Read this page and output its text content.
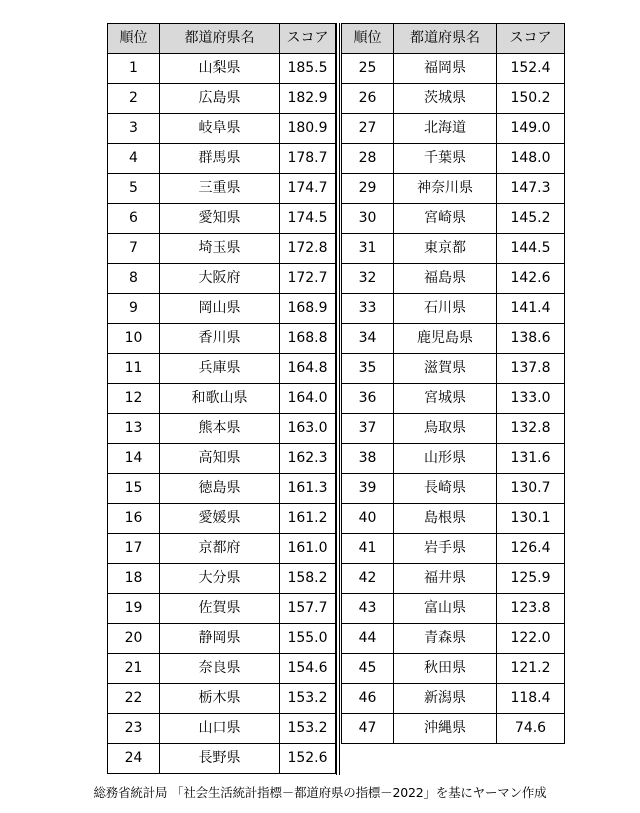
順位	都道府県名	スコア
1	山梨県	185.5
2	広島県	182.9
3	岐阜県	180.9
4	群馬県	178.7
5	三重県	174.7
6	愛知県	174.5
7	埼玉県	172.8
8	大阪府	172.7
9	岡山県	168.9
10	香川県	168.8
11	兵庫県	164.8
12	和歌山県	164.0
13	熊本県	163.0
14	高知県	162.3
15	徳島県	161.3
16	愛媛県	161.2
17	京都府	161.0
18	大分県	158.2
19	佐賀県	157.7
20	静岡県	155.0
21	奈良県	154.6
22	栃木県	153.2
23	山口県	153.2
24	長野県	152.6
順位	都道府県名	スコア
25	福岡県	152.4
26	茨城県	150.2
27	北海道	149.0
28	千葉県	148.0
29	神奈川県	147.3
30	宮崎県	145.2
31	東京都	144.5
32	福島県	142.6
33	石川県	141.4
34	鹿児島県	138.6
35	滋賀県	137.8
36	宮城県	133.0
37	鳥取県	132.8
38	山形県	131.6
39	長崎県	130.7
40	島根県	130.1
41	岩手県	126.4
42	福井県	125.9
43	富山県	123.8
44	青森県	122.0
45	秋田県	121.2
46	新潟県	118.4
47	沖縄県	74.6
総務省統計局 「社会生活統計指標－都道府県の指標－2022」を基にヤーマン作成
